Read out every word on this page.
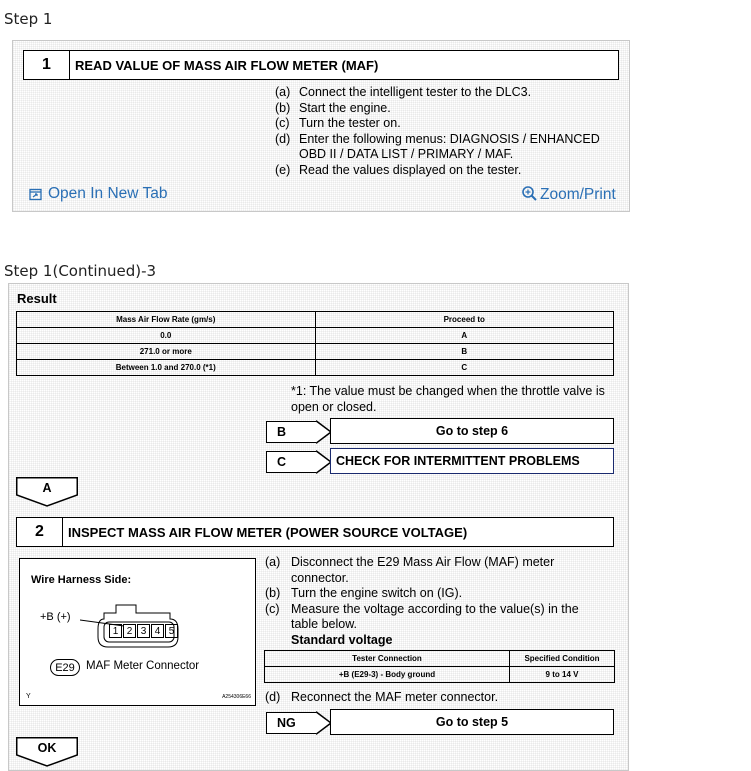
Step 1
1	READ VALUE OF MASS AIR FLOW METER (MAF)
(a) Connect the intelligent tester to the DLC3.
(b) Start the engine.
(c) Turn the tester on.
(d) Enter the following menus: DIAGNOSIS / ENHANCED
OBD II / DATA LIST / PRIMARY / MAF.
(e) Read the values displayed on the tester.
Open In New Tab	Zoom/Print
Step 1(Continued)-3
Result
Mass Air Flow Rate (gm/s)	Proceed to
0.0	A
271.0 or more	B
Between 1.0 and 270.0 (*1)	C
*1: The value must be changed when the throttle valve is
open or closed.
B	Go to step 6
C	CHECK FOR INTERMITTENT PROBLEMS
A
2	INSPECT MASS AIR FLOW METER (POWER SOURCE VOLTAGE)
Wire Harness Side:
+B (+)
1 2 3 4 5
E29 MAF Meter Connector
Y	A254306E66
(a) Disconnect the E29 Mass Air Flow (MAF) meter
connector.
(b) Turn the engine switch on (IG).
(c) Measure the voltage according to the value(s) in the
table below.
Standard voltage
Tester Connection	Specified Condition
+B (E29-3) - Body ground	9 to 14 V
(d) Reconnect the MAF meter connector.
NG	Go to step 5
OK
